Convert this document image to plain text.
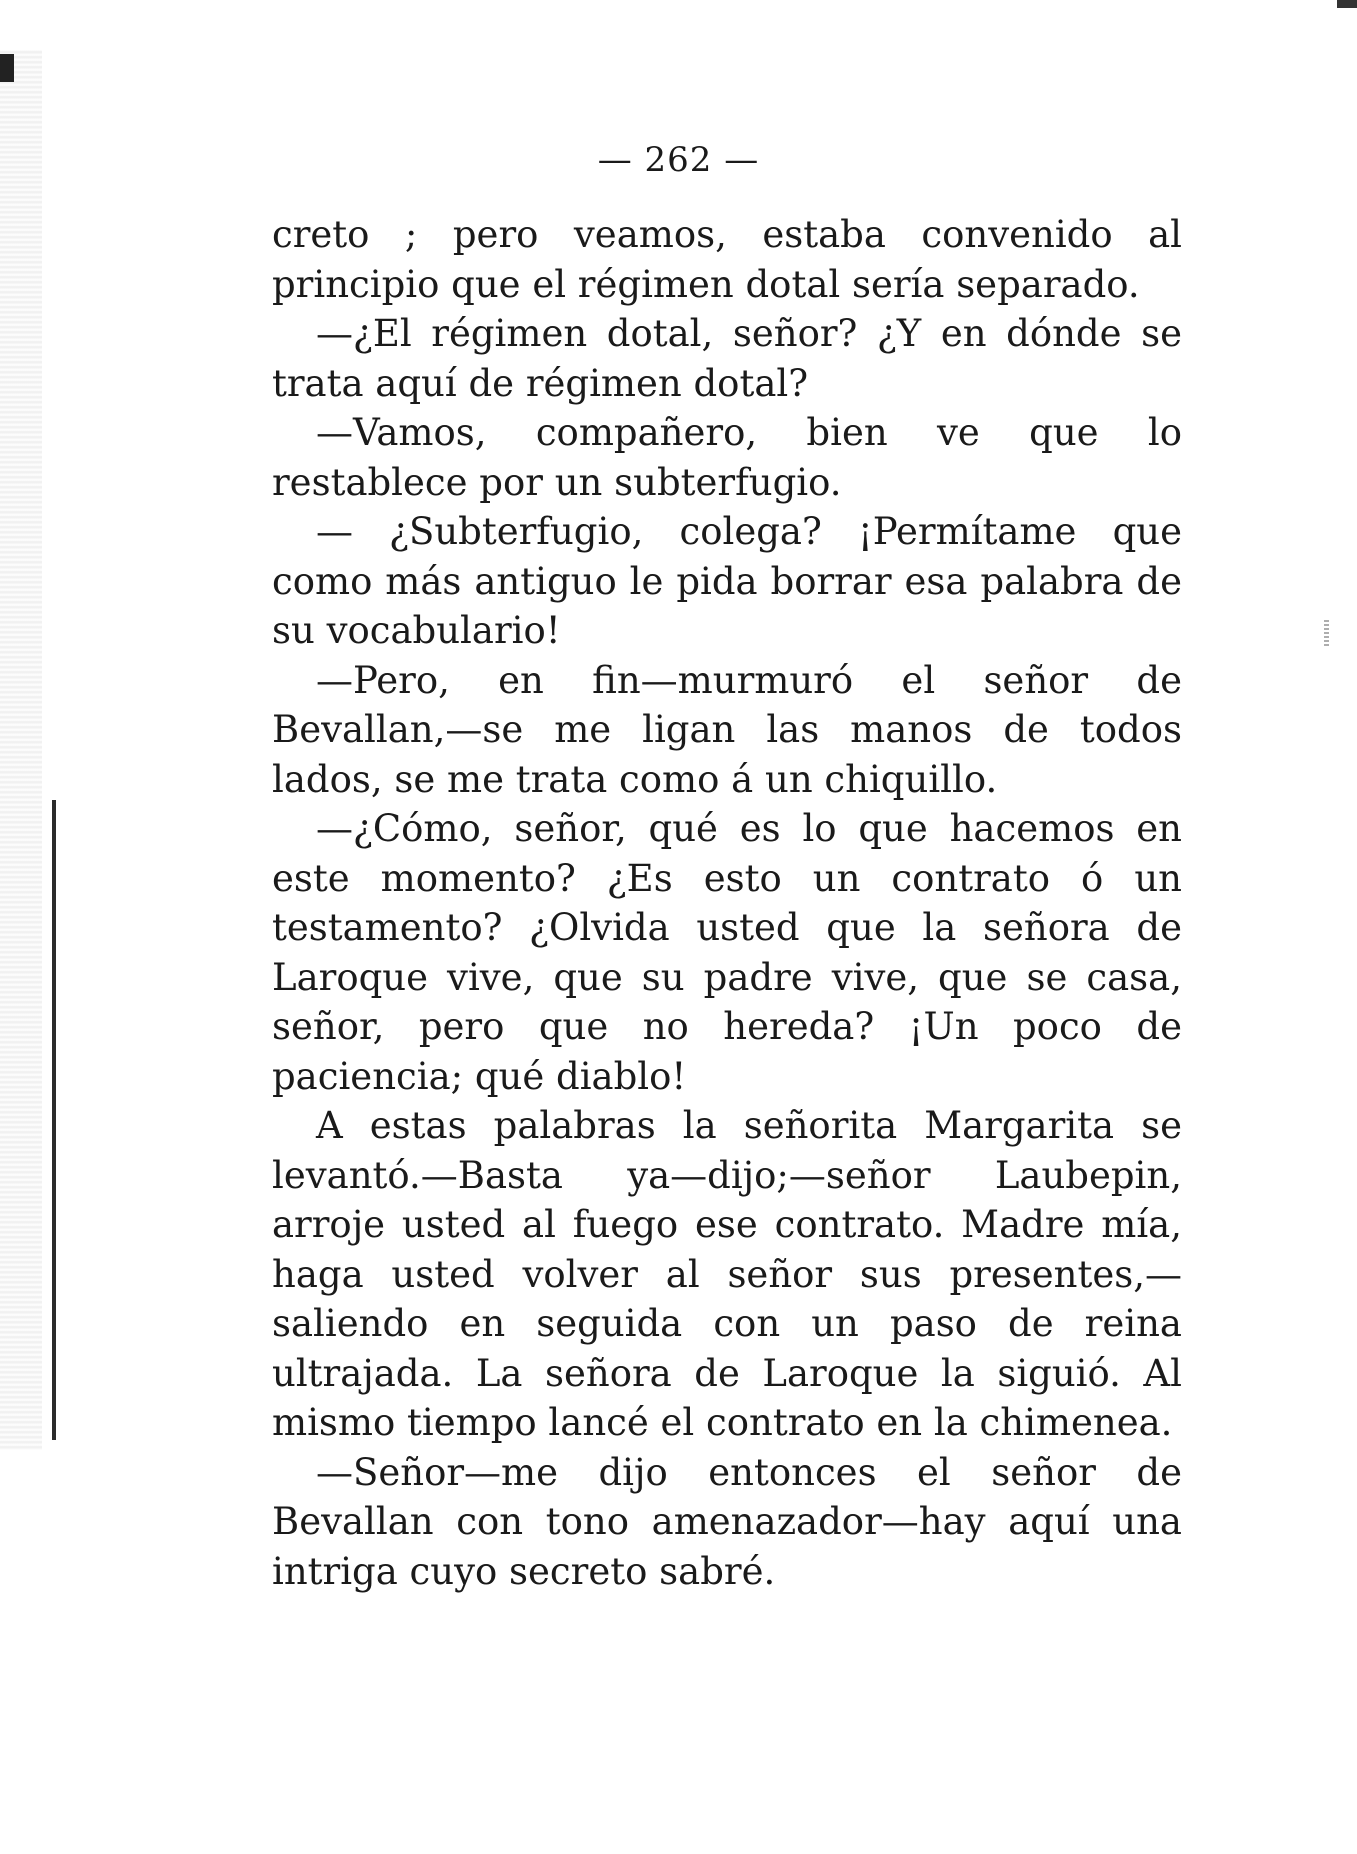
— 262 —

creto ; pero veamos, estaba convenido al principio que el régimen dotal sería separado.

—¿El régimen dotal, señor? ¿Y en dónde se trata aquí de régimen dotal?

—Vamos, compañero, bien ve que lo restablece por un subterfugio.

— ¿Subterfugio, colega? ¡Permítame que como más antiguo le pida borrar esa palabra de su vocabulario!

—Pero, en fin—murmuró el señor de Bevallan,—se me ligan las manos de todos lados, se me trata como á un chiquillo.

—¿Cómo, señor, qué es lo que hacemos en este momento? ¿Es esto un contrato ó un testamento? ¿Olvida usted que la señora de Laroque vive, que su padre vive, que se casa, señor, pero que no hereda? ¡Un poco de paciencia; qué diablo!

A estas palabras la señorita Margarita se levantó.—Basta ya—dijo;—señor Laubepin, arroje usted al fuego ese contrato. Madre mía, haga usted volver al señor sus presentes,—saliendo en seguida con un paso de reina ultrajada. La señora de Laroque la siguió. Al mismo tiempo lancé el contrato en la chimenea.

—Señor—me dijo entonces el señor de Bevallan con tono amenazador—hay aquí una intriga cuyo secreto sabré.
